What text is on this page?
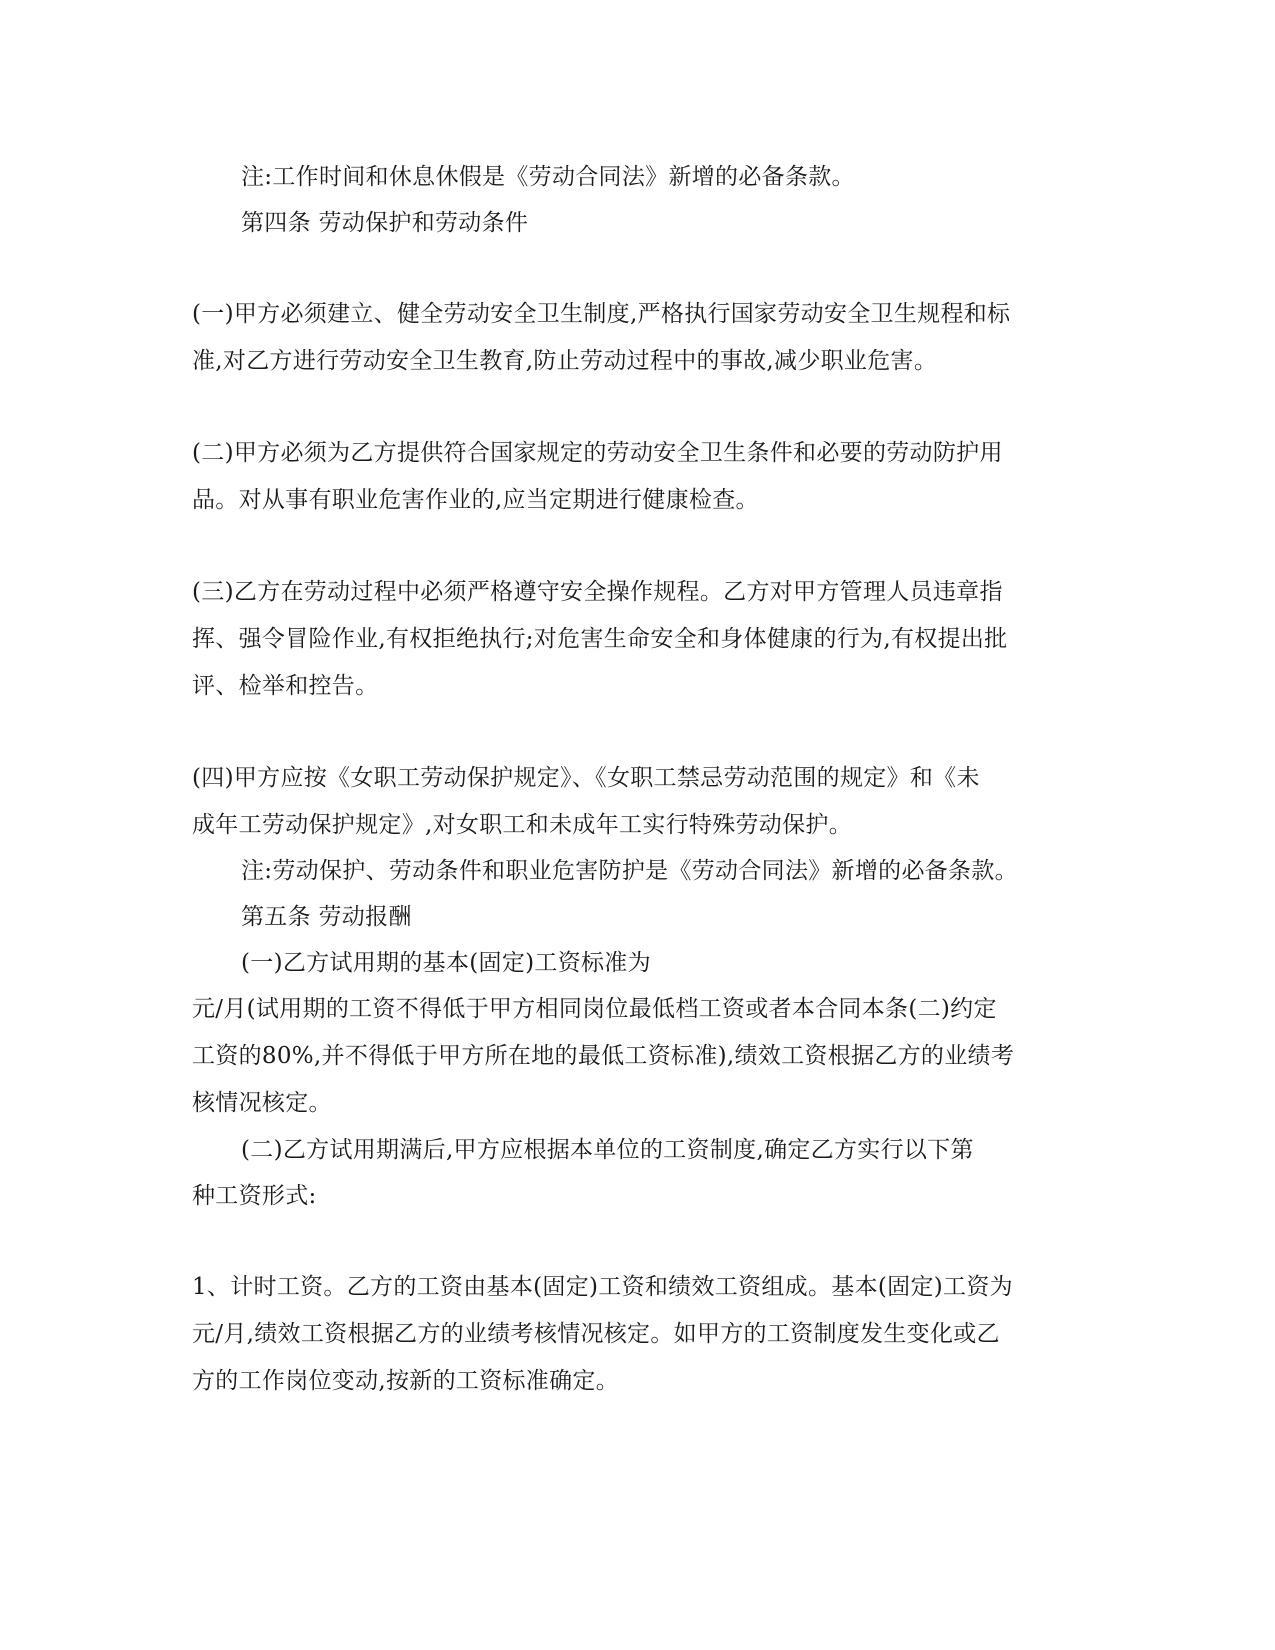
注:工作时间和休息休假是《劳动合同法》新增的必备条款。
第四条 劳动保护和劳动条件
(一)甲方必须建立、健全劳动安全卫生制度,严格执行国家劳动安全卫生规程和标
准,对乙方进行劳动安全卫生教育,防止劳动过程中的事故,减少职业危害。
(二)甲方必须为乙方提供符合国家规定的劳动安全卫生条件和必要的劳动防护用
品。对从事有职业危害作业的,应当定期进行健康检查。
(三)乙方在劳动过程中必须严格遵守安全操作规程。乙方对甲方管理人员违章指
挥、强令冒险作业,有权拒绝执行;对危害生命安全和身体健康的行为,有权提出批
评、检举和控告。
(四)甲方应按《女职工劳动保护规定》、《女职工禁忌劳动范围的规定》和《未
成年工劳动保护规定》,对女职工和未成年工实行特殊劳动保护。
注:劳动保护、劳动条件和职业危害防护是《劳动合同法》新增的必备条款。
第五条 劳动报酬
(一)乙方试用期的基本(固定)工资标准为
元/月(试用期的工资不得低于甲方相同岗位最低档工资或者本合同本条(二)约定
工资的80%,并不得低于甲方所在地的最低工资标准),绩效工资根据乙方的业绩考
核情况核定。
(二)乙方试用期满后,甲方应根据本单位的工资制度,确定乙方实行以下第
种工资形式:
1、计时工资。乙方的工资由基本(固定)工资和绩效工资组成。基本(固定)工资为
元/月,绩效工资根据乙方的业绩考核情况核定。如甲方的工资制度发生变化或乙
方的工作岗位变动,按新的工资标准确定。
